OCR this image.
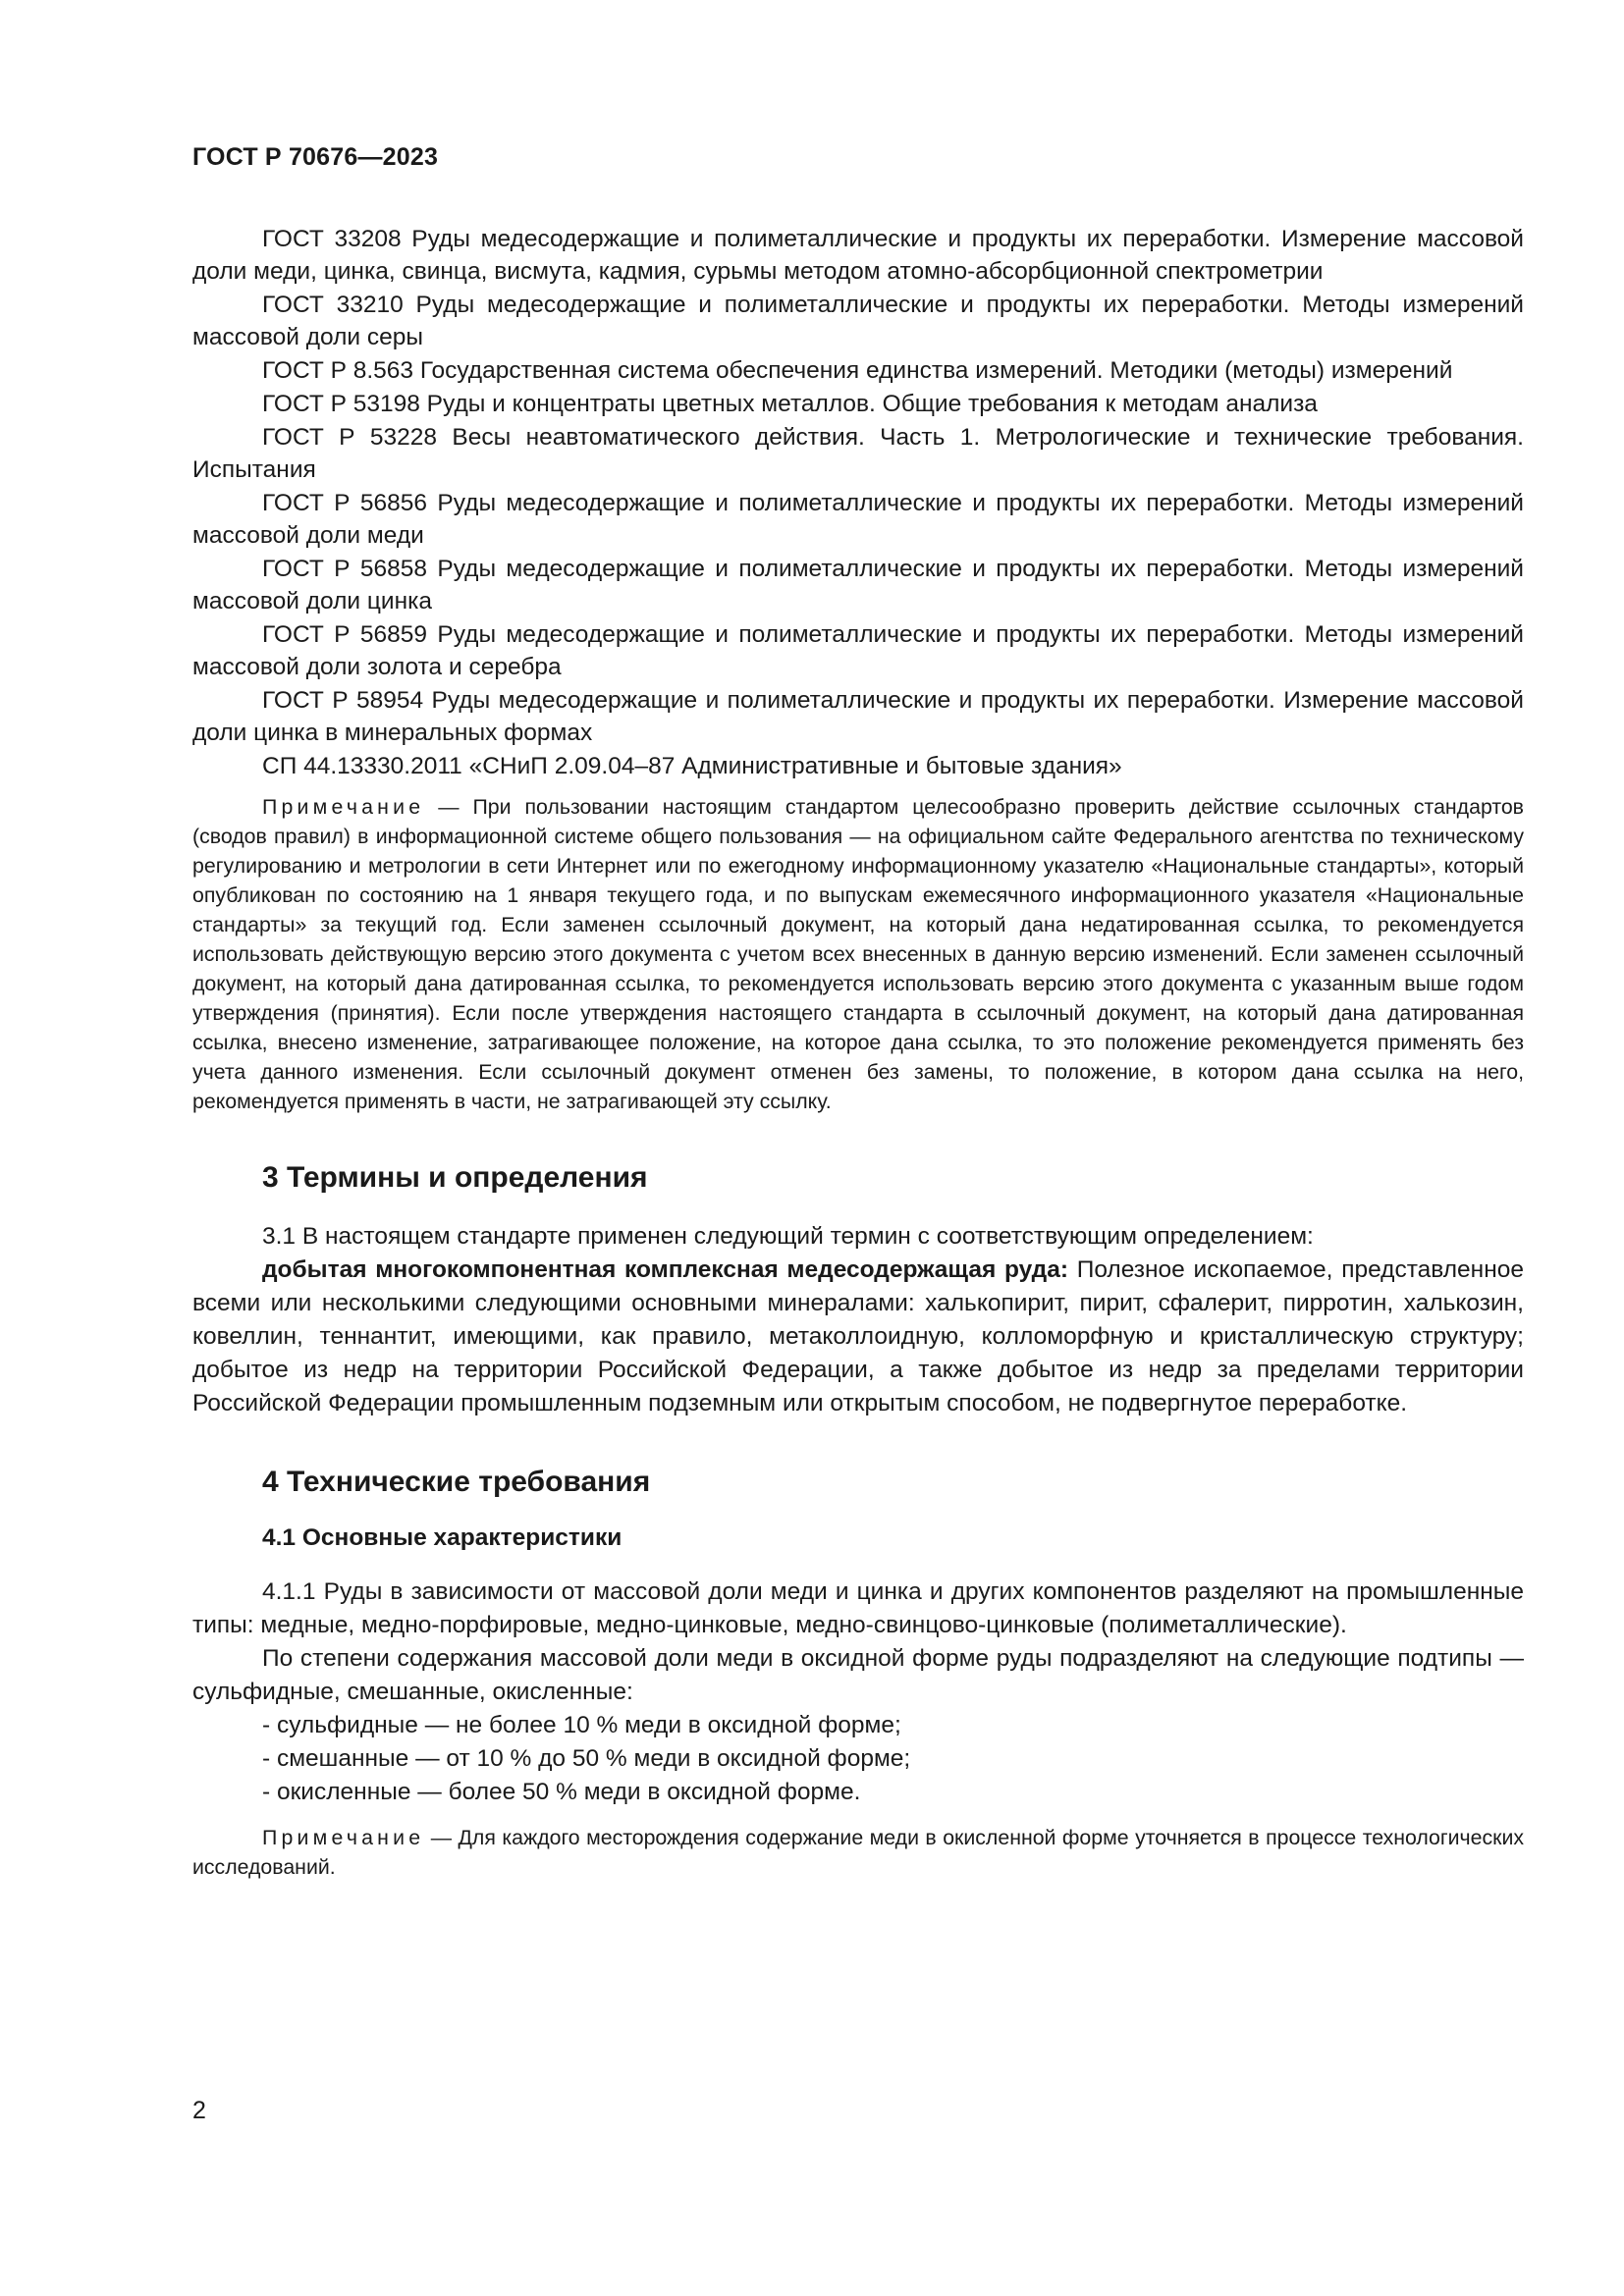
ГОСТ Р 70676—2023

ГОСТ 33208 Руды медесодержащие и полиметаллические и продукты их переработки. Измерение массовой доли меди, цинка, свинца, висмута, кадмия, сурьмы методом атомно-абсорбционной спектрометрии

ГОСТ 33210 Руды медесодержащие и полиметаллические и продукты их переработки. Методы измерений массовой доли серы

ГОСТ Р 8.563 Государственная система обеспечения единства измерений. Методики (методы) измерений

ГОСТ Р 53198 Руды и концентраты цветных металлов. Общие требования к методам анализа

ГОСТ Р 53228 Весы неавтоматического действия. Часть 1. Метрологические и технические требования. Испытания

ГОСТ Р 56856 Руды медесодержащие и полиметаллические и продукты их переработки. Методы измерений массовой доли меди

ГОСТ Р 56858 Руды медесодержащие и полиметаллические и продукты их переработки. Методы измерений массовой доли цинка

ГОСТ Р 56859 Руды медесодержащие и полиметаллические и продукты их переработки. Методы измерений массовой доли золота и серебра

ГОСТ Р 58954 Руды медесодержащие и полиметаллические и продукты их переработки. Измерение массовой доли цинка в минеральных формах

СП 44.13330.2011 «СНиП 2.09.04–87 Административные и бытовые здания»

Примечание — При пользовании настоящим стандартом целесообразно проверить действие ссылочных стандартов (сводов правил) в информационной системе общего пользования — на официальном сайте Федерального агентства по техническому регулированию и метрологии в сети Интернет или по ежегодному информационному указателю «Национальные стандарты», который опубликован по состоянию на 1 января текущего года, и по выпускам ежемесячного информационного указателя «Национальные стандарты» за текущий год. Если заменен ссылочный документ, на который дана недатированная ссылка, то рекомендуется использовать действующую версию этого документа с учетом всех внесенных в данную версию изменений. Если заменен ссылочный документ, на который дана датированная ссылка, то рекомендуется использовать версию этого документа с указанным выше годом утверждения (принятия). Если после утверждения настоящего стандарта в ссылочный документ, на который дана датированная ссылка, внесено изменение, затрагивающее положение, на которое дана ссылка, то это положение рекомендуется применять без учета данного изменения. Если ссылочный документ отменен без замены, то положение, в котором дана ссылка на него, рекомендуется применять в части, не затрагивающей эту ссылку.

3 Термины и определения

3.1 В настоящем стандарте применен следующий термин с соответствующим определением:

добытая многокомпонентная комплексная медесодержащая руда: Полезное ископаемое, представленное всеми или несколькими следующими основными минералами: халькопирит, пирит, сфалерит, пирротин, халькозин, ковеллин, теннантит, имеющими, как правило, метаколлоидную, колломорфную и кристаллическую структуру; добытое из недр на территории Российской Федерации, а также добытое из недр за пределами территории Российской Федерации промышленным подземным или открытым способом, не подвергнутое переработке.

4 Технические требования
4.1 Основные характеристики

4.1.1 Руды в зависимости от массовой доли меди и цинка и других компонентов разделяют на промышленные типы: медные, медно-порфировые, медно-цинковые, медно-свинцово-цинковые (полиметаллические).

По степени содержания массовой доли меди в оксидной форме руды подразделяют на следующие подтипы — сульфидные, смешанные, окисленные:

- сульфидные — не более 10 % меди в оксидной форме;
- смешанные — от 10 % до 50 % меди в оксидной форме;
- окисленные — более 50 % меди в оксидной форме.

Примечание — Для каждого месторождения содержание меди в окисленной форме уточняется в процессе технологических исследований.

2
